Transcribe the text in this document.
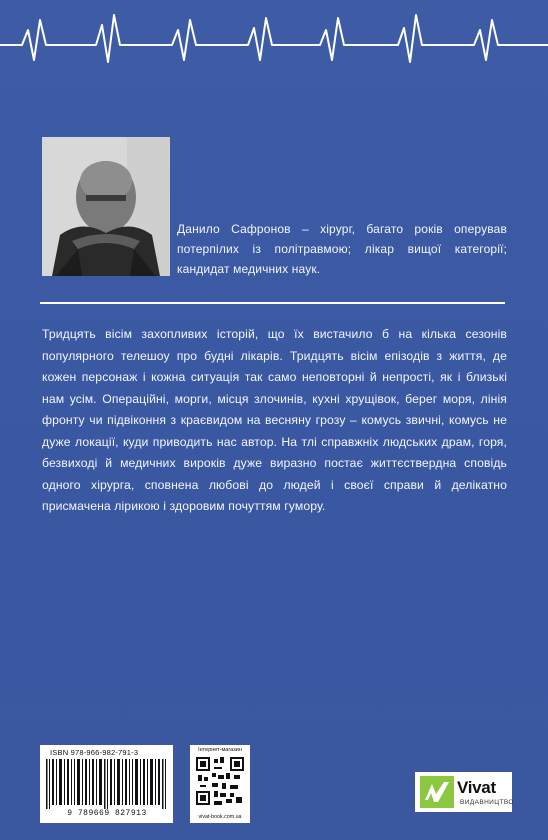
Данило Сафронов – хірург, багато років оперував потерпілих із політравмою; лікар вищої категорії; кандидат медичних наук.
Тридцять вісім захопливих історій, що їх вистачило б на кілька сезонів популярного телешоу про будні лікарів. Тридцять вісім епізодів з життя, де кожен персонаж і кожна ситуація так само неповторні й непрості, як і близькі нам усім. Операційні, морги, місця злочинів, кухні хрущівок, берег моря, лінія фронту чи підвіконня з краєвидом на весняну грозу – комусь звичні, комусь не дуже локації, куди приводить нас автор. На тлі справжніх людських драм, горя, безвиході й медичних вироків дуже виразно постає життєствердна сповідь одного хірурга, сповнена любові до людей і своєї справи й делікатно присмачена лірикою і здоровим почуттям гумору.
ISBN 978-966-982-791-3
9 789669 827913
Інтернет-магазин
vivat-book.com.ua
Vivat
ВИДАВНИЦТВО
